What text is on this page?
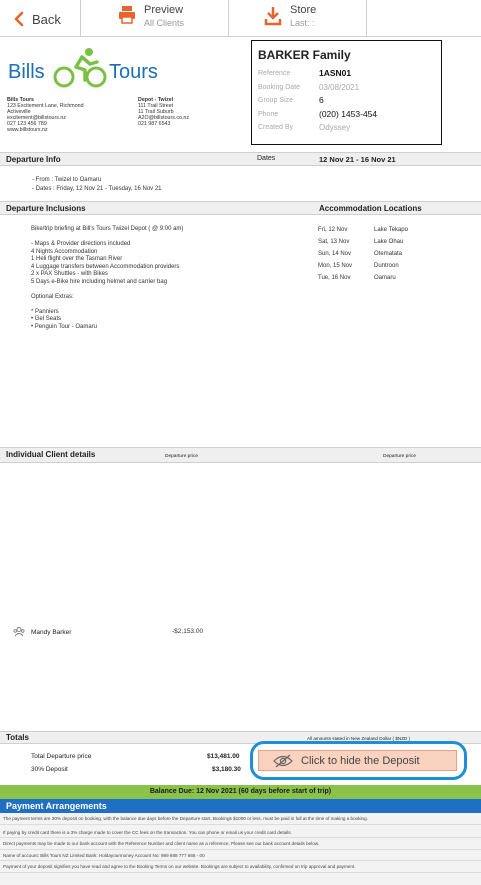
Back
Preview
All Clients
Store
Last: :
Bills	Tours
Bills Tours
123 Excitement Lane, Richmond
Activeville
excitement@billstours.nz
027 123 456 789
www.billstours.nz
Depot - Twizel
111 Trail Street
11 Trail Suburb
A2O@billstours.co.nz
021 987 6543
BARKER Family
Reference	1ASN01
Booking Date	03/08/2021
Group Size	6
Phone	(020) 1453-454
Created By	Odyssey
Departure Info	Dates	12 Nov 21 - 16 Nov 21
- From : Twizel to Oamaru
- Dates : Friday, 12 Nov 21 - Tuesday, 16 Nov 21
Departure Inclusions	Accommodation Locations
Bike/trip briefing at Bill's Tours Twizel Depot ( @ 9:00 am)
- Maps & Provider directions included
4 Nights Accommodation
1 Heli flight over the Tasman River
4 Luggage transfers between Accommodation providers
2 x PAX Shuttles - with Bikes
5 Days e-Bike hire including helmet and carrier bag
Optional Extras:
* Panniers
• Gel Seats
• Penguin Tour - Oamaru
Fri, 12 Nov	Lake Tekapo
Sat, 13 Nov	Lake Ohau
Sun, 14 Nov	Otematata
Mon, 15 Nov	Duntroon
Tue, 16 Nov	Oamaru
Individual Client details	Departure price	Departure price
Mandy Barker	-$2,153.00
Totals	All amounts stated in New Zealand Dollar ( $NZD )
Total Departure price	$13,481.00
30% Deposit	$3,180.30
Click to hide the Deposit
Balance Due: 12 Nov 2021 (60 days before start of trip)
Payment Arrangements
The payment terms are 30% deposit on booking, with the balance due days before the Departure start. Bookings $1000 or less, must be paid in full at the time of making a booking.
If paying by credit card there is a 3% charge made to cover the CC fees on the transaction. You can phone or email us your credit card details.
Direct payments may be made to our bank account with the Reference Number and client name as a reference. Please see our bank account details below.
Name of account: Bills Tours NZ Limited Bank: Holdayourmoney Account No: 999 888 777 666 - 00
Payment of your deposit signifies you have read and agree to the Booking Terms on our website. Bookings are subject to availability, confirmed on trip approval and payment.
